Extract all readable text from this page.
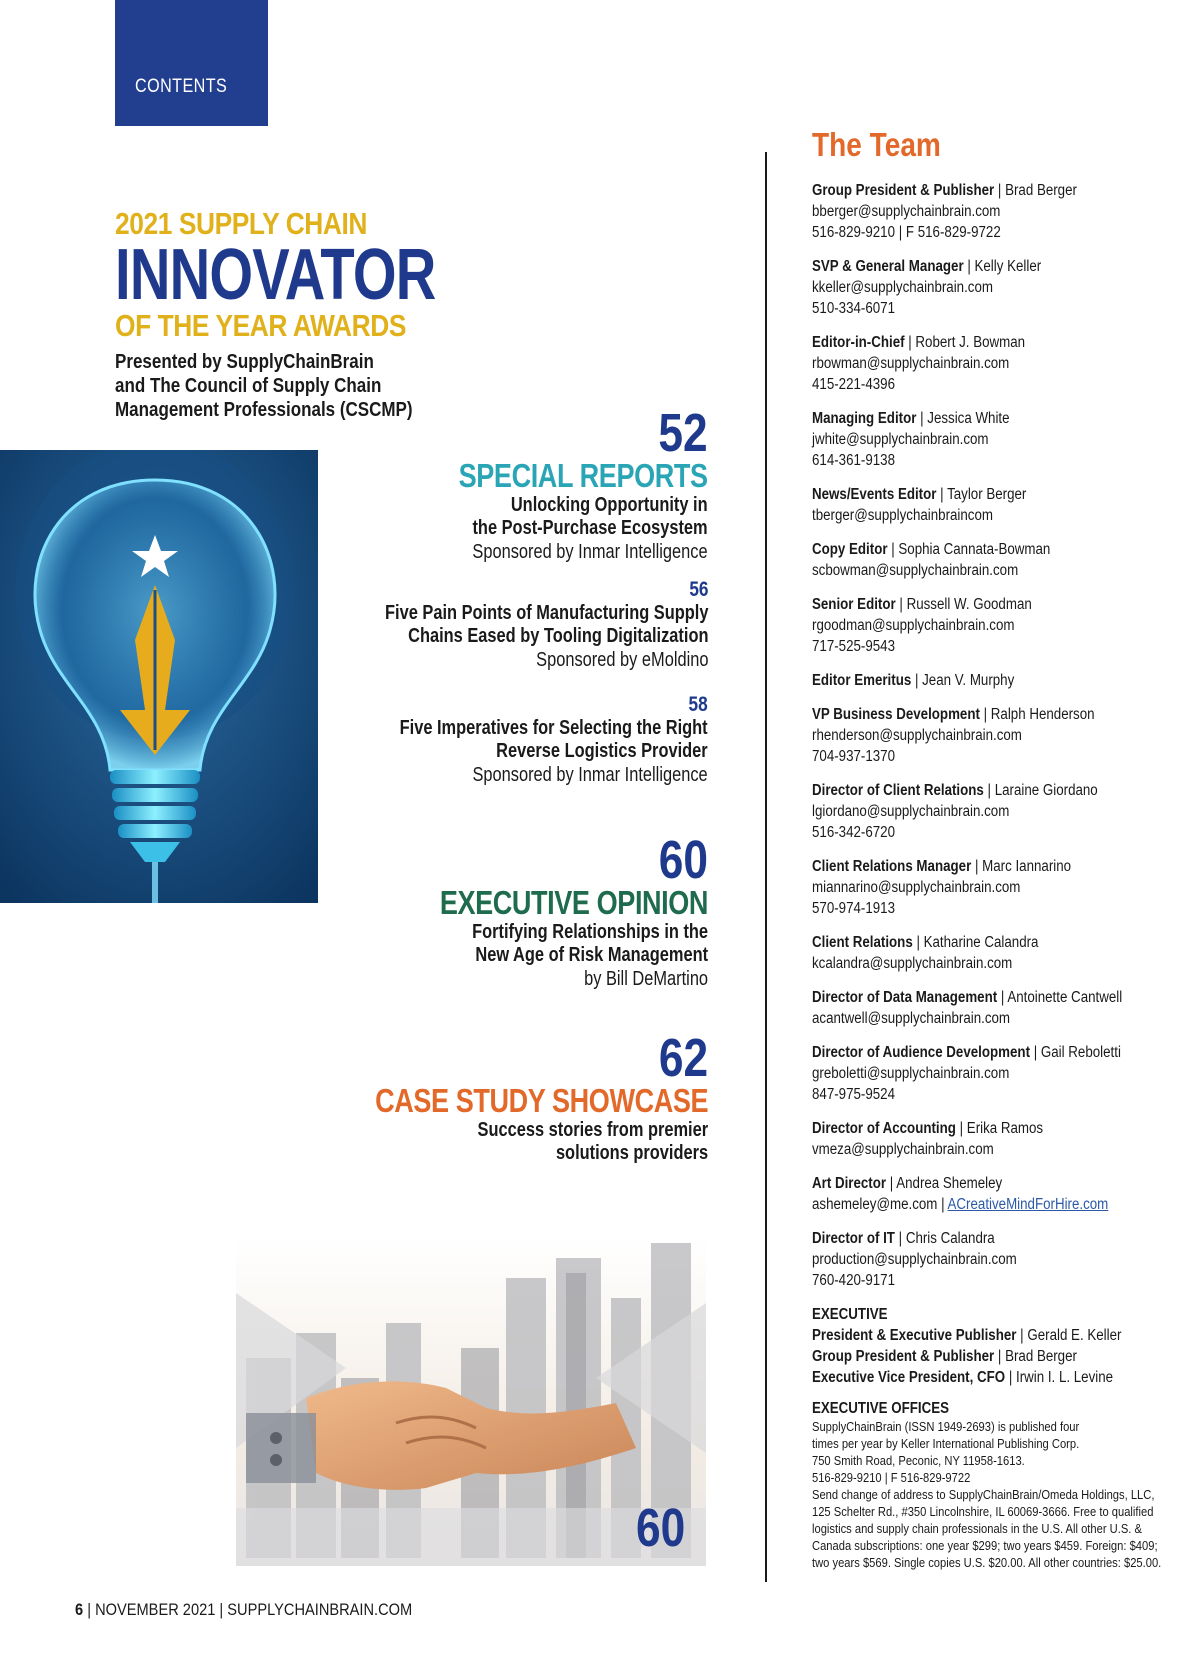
CONTENTS
2021 SUPPLY CHAIN
INNOVATOR
OF THE YEAR AWARDS
Presented by SupplyChainBrain
and The Council of Supply Chain
Management Professionals (CSCMP)	52
SPECIAL REPORTS
Unlocking Opportunity in
the Post-Purchase Ecosystem
Sponsored by Inmar Intelligence
56
Five Pain Points of Manufacturing Supply
Chains Eased by Tooling Digitalization
Sponsored by eMoldino
58
Five Imperatives for Selecting the Right
Reverse Logistics Provider
Sponsored by Inmar Intelligence
60
EXECUTIVE OPINION
Fortifying Relationships in the
New Age of Risk Management
by Bill DeMartino
62
CASE STUDY SHOWCASE
Success stories from premier
solutions providers
60
The Team
Group President & Publisher | Brad Berger
bberger@supplychainbrain.com
516-829-9210 | F 516-829-9722
SVP & General Manager | Kelly Keller
kkeller@supplychainbrain.com
510-334-6071
Editor-in-Chief | Robert J. Bowman
rbowman@supplychainbrain.com
415-221-4396
Managing Editor | Jessica White
jwhite@supplychainbrain.com
614-361-9138
News/Events Editor | Taylor Berger
tberger@supplychainbraincom
Copy Editor | Sophia Cannata-Bowman
scbowman@supplychainbrain.com
Senior Editor | Russell W. Goodman
rgoodman@supplychainbrain.com
717-525-9543
Editor Emeritus | Jean V. Murphy
VP Business Development | Ralph Henderson
rhenderson@supplychainbrain.com
704-937-1370
Director of Client Relations | Laraine Giordano
lgiordano@supplychainbrain.com
516-342-6720
Client Relations Manager | Marc Iannarino
miannarino@supplychainbrain.com
570-974-1913
Client Relations | Katharine Calandra
kcalandra@supplychainbrain.com
Director of Data Management | Antoinette Cantwell
acantwell@supplychainbrain.com
Director of Audience Development | Gail Reboletti
greboletti@supplychainbrain.com
847-975-9524
Director of Accounting | Erika Ramos
vmeza@supplychainbrain.com
Art Director | Andrea Shemeley
ashemeley@me.com | ACreativeMindForHire.com
Director of IT | Chris Calandra
production@supplychainbrain.com
760-420-9171
EXECUTIVE
President & Executive Publisher | Gerald E. Keller
Group President & Publisher | Brad Berger
Executive Vice President, CFO | Irwin I. L. Levine
EXECUTIVE OFFICES
SupplyChainBrain (ISSN 1949-2693) is published four
times per year by Keller International Publishing Corp.
750 Smith Road, Peconic, NY 11958-1613.
516-829-9210 | F 516-829-9722
Send change of address to SupplyChainBrain/Omeda Holdings, LLC,
125 Schelter Rd., #350 Lincolnshire, IL 60069-3666. Free to qualified
logistics and supply chain professionals in the U.S. All other U.S. &
Canada subscriptions: one year $299; two years $459. Foreign: $409;
two years $569. Single copies U.S. $20.00. All other countries: $25.00.
6 | NOVEMBER 2021 | SUPPLYCHAINBRAIN.COM
